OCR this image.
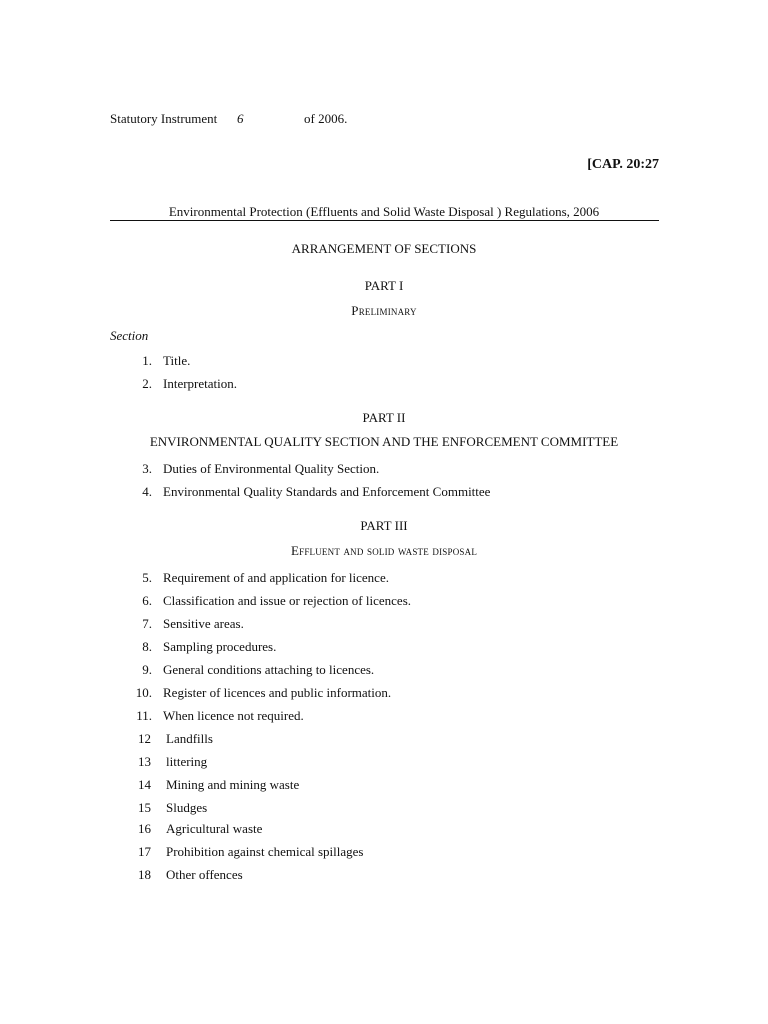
Statutory Instrument 6	of 2006.
[CAP. 20:27
Environmental Protection (Effluents and Solid Waste Disposal ) Regulations, 2006
ARRANGEMENT OF SECTIONS
PART I
Preliminary
Section
1. Title.
2. Interpretation.
PART II
ENVIRONMENTAL QUALITY SECTION AND THE ENFORCEMENT COMMITTEE
3. Duties of Environmental Quality Section.
4. Environmental Quality Standards and Enforcement Committee
PART III
Effluent and solid waste disposal
5. Requirement of and application for licence.
6. Classification and issue or rejection of licences.
7. Sensitive areas.
8. Sampling procedures.
9. General conditions attaching to licences.
10. Register of licences and public information.
11. When licence not required.
12	Landfills
13	littering
14	Mining and mining waste
15	Sludges
16	Agricultural waste
17	Prohibition against chemical spillages
18	Other offences
